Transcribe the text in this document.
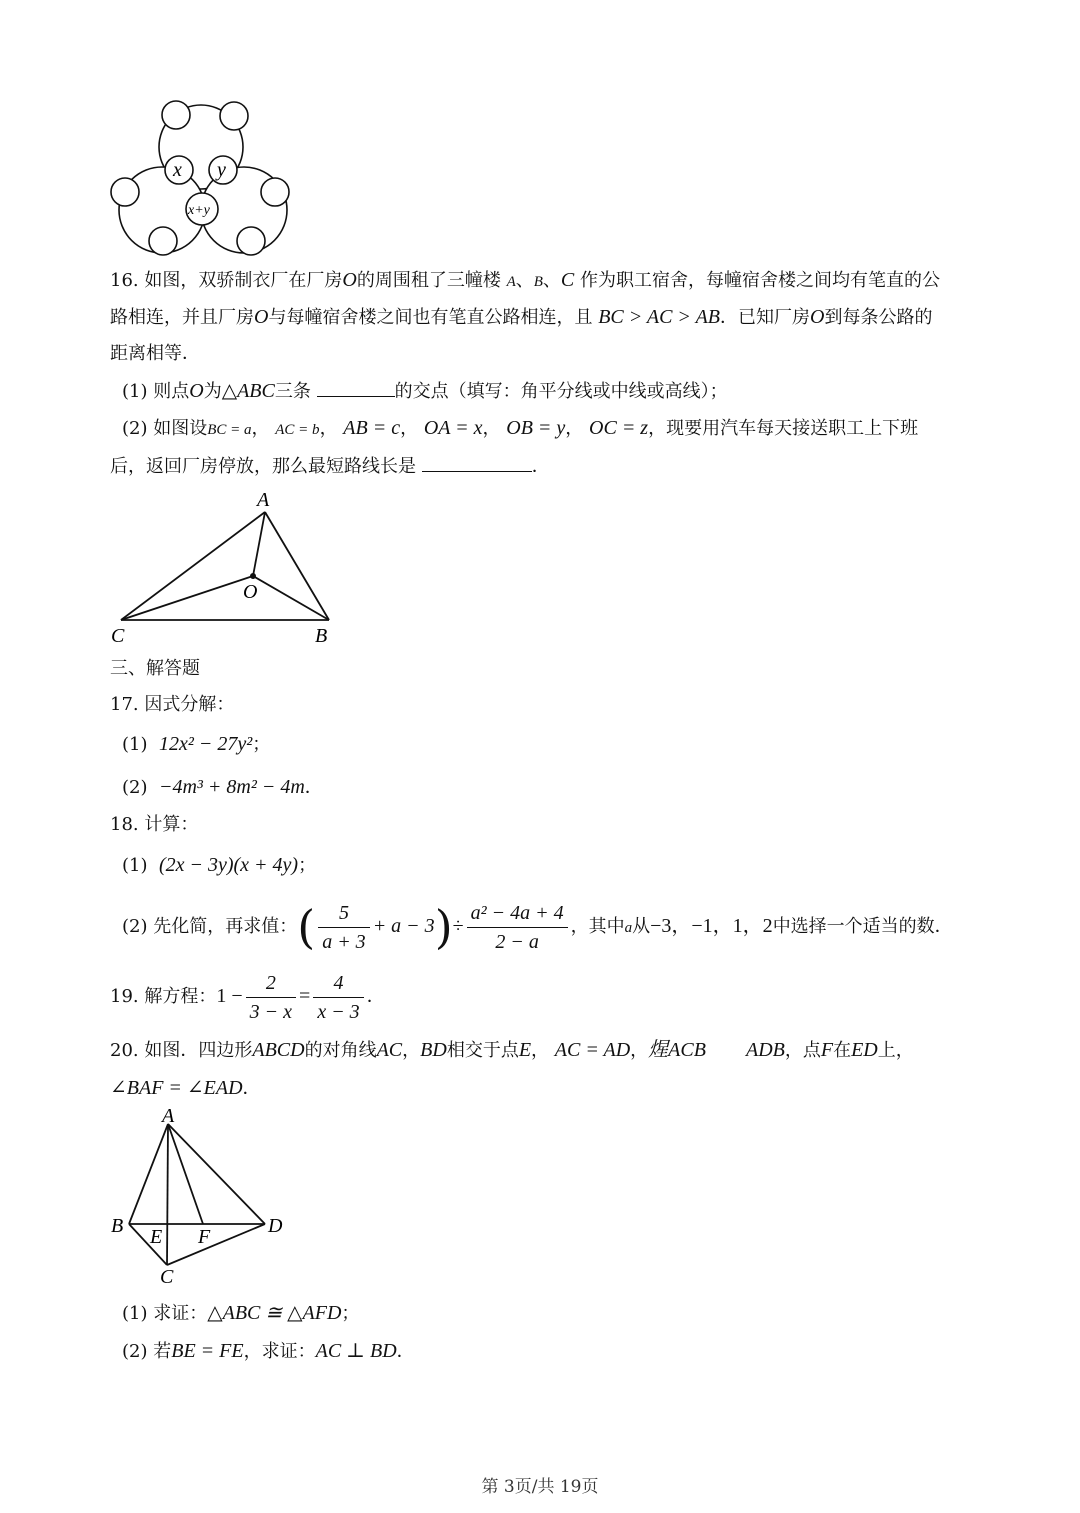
x y
x+y
16. 如图，双骄制衣厂在厂房O的周围租了三幢楼 A、B、C 作为职工宿舍，每幢宿舍楼之间均有笔直的公
路相连，并且厂房O与每幢宿舍楼之间也有笔直公路相连，且 BC > AC > AB．已知厂房O到每条公路的
距离相等．
(1) 则点O为△ABC三条	的交点（填写：角平分线或中线或高线）；
(2) 如图设BC = a， AC = b， AB = c， OA = x， OB = y， OC = z，现要用汽车每天接送职工上下班
后，返回厂房停放，那么最短路线长是	．
A
O
C	B
三、解答题
17. 因式分解：
(1) 12x² − 27y²；
(2) −4m³ + 8m² − 4m．
18. 计算：
(1) (2x − 3y)(x + 4y)；
(2) 先化简，再求值：( $\frac{5}{a + 3} + a - 3)\div \frac{\text{a² − 4a + 4}}{2 - a}$ ，其中a从−3，−1，1，2中选择一个适当的数．
19. 解方程：$1 - \frac{2}{3 - x} = \frac{4}{x - 3}$ ．
20. 如图．四边形ABCD的对角线AC，BD相交于点E， AC = AD，煋ACB ADB，点F在ED上，
∠BAF = ∠EAD．
A
B	D
E F
C
(1) 求证：△ABC ≅ △AFD；
(2) 若BE = FE，求证：AC ⊥ BD．
第 3页/共 19页
